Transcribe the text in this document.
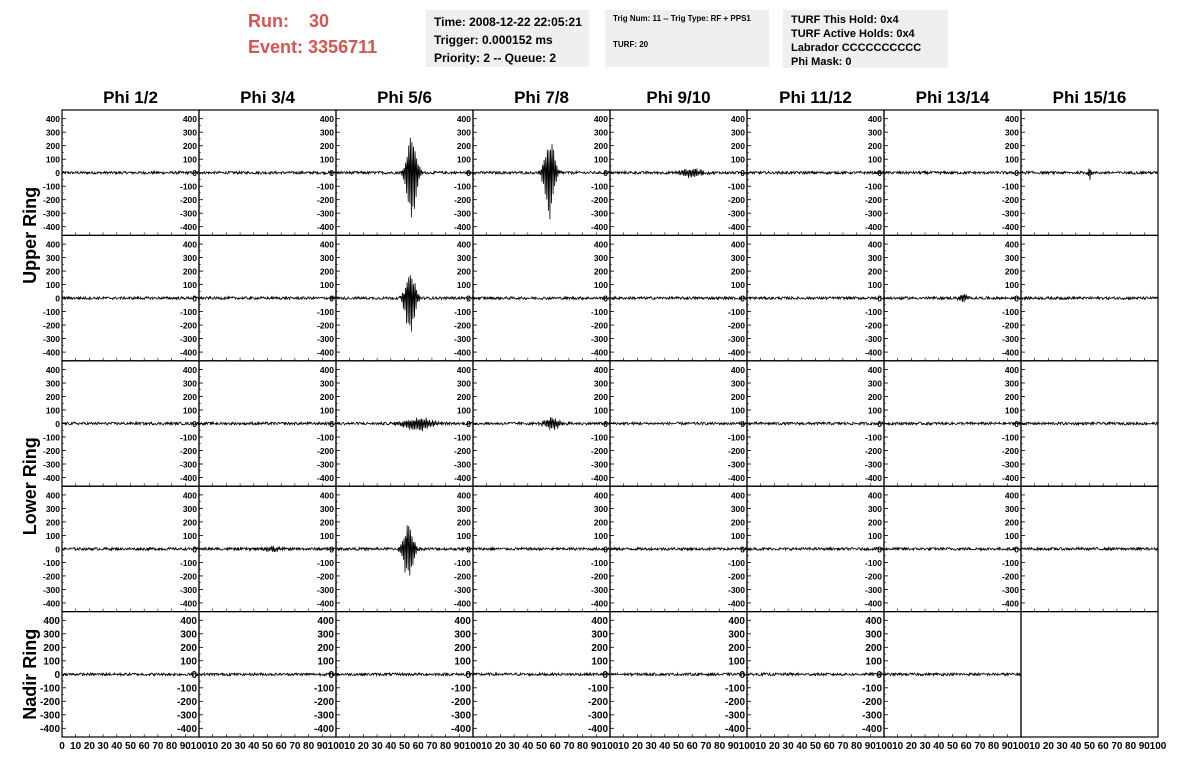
Run: 30
Event: 3356711
Time: 2008-12-22 22:05:21
Trigger: 0.000152 ms
Priority: 2 -- Queue: 2
Trig Num: 11 -- Trig Type: RF + PPS1
TURF: 20
TURF This Hold: 0x4
TURF Active Holds: 0x4
Labrador CCCCCCCCCC
Phi Mask: 0
Phi 1/2	Phi 3/4	Phi 5/6	Phi 7/8	Phi 9/10	Phi 11/12	Phi 13/14	Phi 15/16
Upper Ring
Lower Ring
Nadir Ring
400
300
200
100
0
-100
-200
-300
-400
400
300
200
100
0
-100
-200
-300
-400
400
300
200
100
0
-100
-200
-300
-400
400
300
200
100
0
-100
-200
-300
-400
400
300
200
100
0
-100
-200
-300
-400
400
300
200
100
0
-100
-200
-300
-400
400
300
200
100
0
-100
-200
-300
-400
400
300
200
100
0
-100
-200
-300
-400
400
300
200
100
0
-100
-200
-300
-400
400
300
200
100
0
-100
-200
-300
-400
400
300
200
100
0
-100
-200
-300
-400
400
300
200
100
0
-100
-200
-300
-400
400
300
200
100
0
-100
-200
-300
-400
400
300
200
100
0
-100
-200
-300
-400
400
300
200
100
0
-100
-200
-300
-400
400
300
200
100
0
-100
-200
-300
-400
400
300
200
100
0
-100
-200
-300
-400
400
300
200
100
0
-100
-200
-300
-400
400
300
200
100
0
-100
-200
-300
-400
400
300
200
100
0
-100
-200
-300
-400
400
300
200
100
0
-100
-200
-300
-400
400
300
200
100
0
-100
-200
-300
-400
400
300
200
100
0
-100
-200
-300
-400
400
300
200
100
0
-100
-200
-300
-400
400
300
200
100
0
-100
-200
-300
-400
400
300
200
100
0
-100
-200
-300
-400
400
300
200
100
0
-100
-200
-300
-400
400
300
200
100
0
-100
-200
-300
-400
400
300
200
100
0
-100
-200
-300
-400
400
300
200
100
0
-100
-200
-300
-400
400
300
200
100
0
-100
-200
-300
-400
400
300
200
100
0
-100
-200
-300
-400
400
300
200
100
0
-100
-200
-300
-400
400
300
200
100
0
-100
-200
-300
-400
400
300
200
100
0
-100
-200
-300
-400
400
300
200
100
0
-100
-200
-300
-400
400
300
200
100
0
-100
-200
-300
-400
400
300
200
100
0
-100
-200
-300
-400
400
300
200
100
0
-100
-200
-300
-400
0 10 20 30 40 50 60 70 80 90 100 10 20 30 40 50 60 70 80 90 100 10 20 30 40 50 60 70 80 90 100 10 20 30 40 50 60 70 80 90 100 10 20 30 40 50 60 70 80 90 100 10 20 30 40 50 60 70 80 90 100 10 20 30 40 50 60 70 80 90 100 10 20 30 40 50 60 70 80 90 100
